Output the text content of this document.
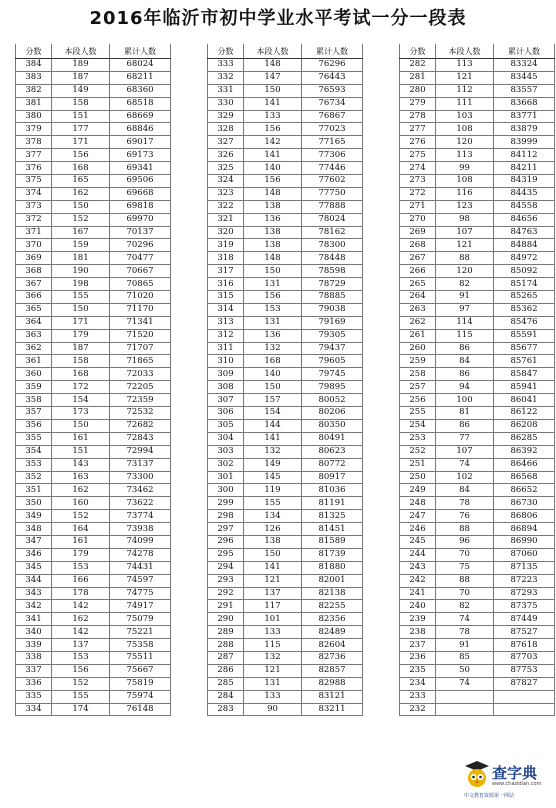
2016年临沂市初中学业水平考试一分一段表
分数	本段人数	累计人数
384	189	68024
383	187	68211
382	149	68360
381	158	68518
380	151	68669
379	177	68846
378	171	69017
377	156	69173
376	168	69341
375	165	69506
374	162	69668
373	150	69818
372	152	69970
371	167	70137
370	159	70296
369	181	70477
368	190	70667
367	198	70865
366	155	71020
365	150	71170
364	171	71341
363	179	71520
362	187	71707
361	158	71865
360	168	72033
359	172	72205
358	154	72359
357	173	72532
356	150	72682
355	161	72843
354	151	72994
353	143	73137
352	163	73300
351	162	73462
350	160	73622
349	152	73774
348	164	73938
347	161	74099
346	179	74278
345	153	74431
344	166	74597
343	178	74775
342	142	74917
341	162	75079
340	142	75221
339	137	75358
338	153	75511
337	156	75667
336	152	75819
335	155	75974
334	174	76148
分数	本段人数	累计人数
333	148	76296
332	147	76443
331	150	76593
330	141	76734
329	133	76867
328	156	77023
327	142	77165
326	141	77306
325	140	77446
324	156	77602
323	148	77750
322	138	77888
321	136	78024
320	138	78162
319	138	78300
318	148	78448
317	150	78598
316	131	78729
315	156	78885
314	153	79038
313	131	79169
312	136	79305
311	132	79437
310	168	79605
309	140	79745
308	150	79895
307	157	80052
306	154	80206
305	144	80350
304	141	80491
303	132	80623
302	149	80772
301	145	80917
300	119	81036
299	155	81191
298	134	81325
297	126	81451
296	138	81589
295	150	81739
294	141	81880
293	121	82001
292	137	82138
291	117	82255
290	101	82356
289	133	82489
288	115	82604
287	132	82736
286	121	82857
285	131	82988
284	133	83121
283	90	83211
分数	本段人数	累计人数
282	113	83324
281	121	83445
280	112	83557
279	111	83668
278	103	83771
277	108	83879
276	120	83999
275	113	84112
274	99	84211
273	108	84319
272	116	84435
271	123	84558
270	98	84656
269	107	84763
268	121	84884
267	88	84972
266	120	85092
265	82	85174
264	91	85265
263	97	85362
262	114	85476
261	115	85591
260	86	85677
259	84	85761
258	86	85847
257	94	85941
256	100	86041
255	81	86122
254	86	86208
253	77	86285
252	107	86392
251	74	86466
250	102	86568
249	84	86652
248	78	86730
247	76	86806
246	88	86894
245	96	86990
244	70	87060
243	75	87135
242	88	87223
241	70	87293
240	82	87375
239	74	87449
238	78	87527
237	91	87618
236	85	87703
235	50	87753
234	74	87827
233		
232		
查字典
www.chazidian.com
中文教育资源第一网站
